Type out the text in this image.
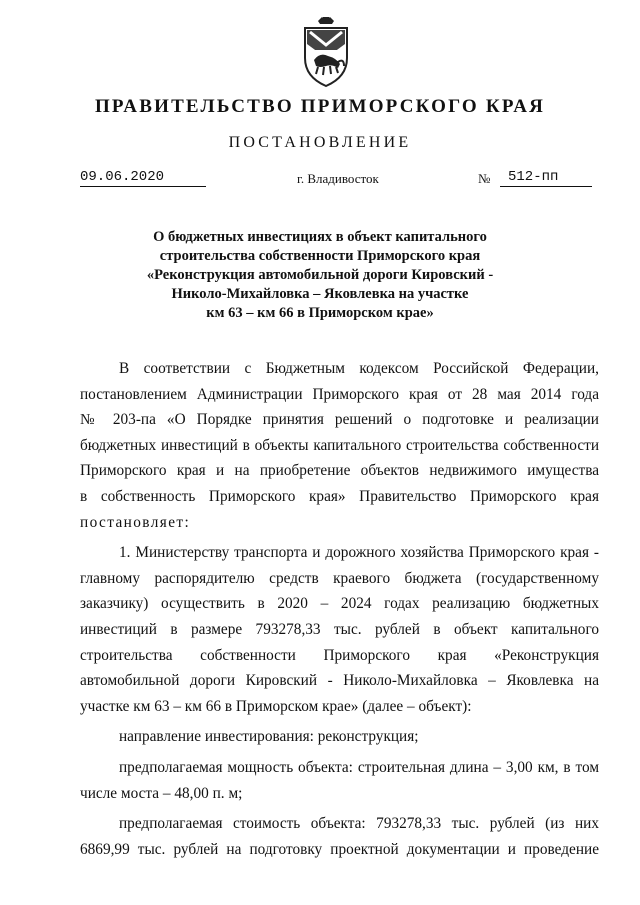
ПРАВИТЕЛЬСТВО ПРИМОРСКОГО КРАЯ
ПОСТАНОВЛЕНИЕ
09.06.2020	г. Владивосток	№	512-пп
О бюджетных инвестициях в объект капитального
строительства собственности Приморского края
«Реконструкция автомобильной дороги Кировский -
Николо-Михайловка – Яковлевка на участке
км 63 – км 66 в Приморском крае»
В соответствии с Бюджетным кодексом Российской Федерации,
постановлением Администрации Приморского края от 28 мая 2014 года
№ 203-па «О Порядке принятия решений о подготовке и реализации
бюджетных инвестиций в объекты капитального строительства собственности
Приморского края и на приобретение объектов недвижимого имущества
в собственность Приморского края» Правительство Приморского края
постановляет:
1. Министерству транспорта и дорожного хозяйства Приморского края -
главному распорядителю средств краевого бюджета (государственному
заказчику) осуществить в 2020 – 2024 годах реализацию бюджетных
инвестиций в размере 793278,33 тыс. рублей в объект капитального
строительства собственности Приморского края «Реконструкция
автомобильной дороги Кировский - Николо-Михайловка – Яковлевка на
участке км 63 – км 66 в Приморском крае» (далее – объект):
направление инвестирования: реконструкция;
предполагаемая мощность объекта: строительная длина – 3,00 км, в том
числе моста – 48,00 п. м;
предполагаемая стоимость объекта: 793278,33 тыс. рублей (из них
6869,99 тыс. рублей на подготовку проектной документации и проведение
